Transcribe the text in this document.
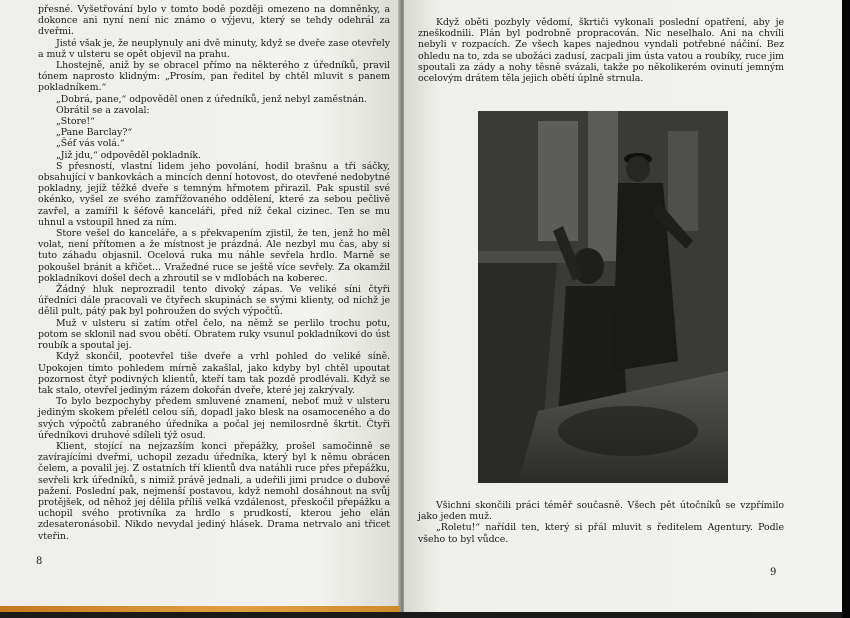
přesné. Vyšetřování bylo v tomto bodě později omezeno na domněnky, a dokonce ani nyní není nic známo o výjevu, který se tehdy odehrál za dveřmi.

Jisté však je, že neuplynuly ani dvě minuty, když se dveře zase otevřely a muž v ulsteru se opět objevil na prahu.

Lhostejně, aniž by se obracel přímo na některého z úředníků, pravil tónem naprosto klidným: „Prosím, pan ředitel by chtěl mluvit s panem pokladníkem.“

„Dobrá, pane,“ odpověděl onen z úředníků, jenž nebyl zaměstnán.

Obrátil se a zavolal:

„Store!“

„Pane Barclay?“

„Šéf vás volá.“

„Již jdu,“ odpověděl pokladník.

S přesností, vlastní lidem jeho povolání, hodil brašnu a tři sáčky, obsahující v bankovkách a mincích denní hotovost, do otevřené nedobytné pokladny, jejíž těžké dveře s temným hřmotem přirazil. Pak spustil své okénko, vyšel ze svého zamřížovaného oddělení, které za sebou pečlivě zavřel, a zamířil k šéfově kanceláři, před níž čekal cizinec. Ten se mu uhnul a vstoupil hned za ním.

Store vešel do kanceláře, a s překvapením zjistil, že ten, jenž ho měl volat, není přítomen a že místnost je prázdná. Ale nezbyl mu čas, aby si tuto záhadu objasnil. Ocelová ruka mu náhle sevřela hrdlo. Marně se pokoušel bránit a křičet... Vražedné ruce se ještě více sevřely. Za okamžil pokladníkovi došel dech a zhroutil se v mdlobách na koberec.

Žádný hluk neprozradil tento divoký zápas. Ve veliké síni čtyři úředníci dále pracovali ve čtyřech skupinách se svými klienty, od nichž je dělil pult, pátý pak byl pohroužen do svých výpočtů.

Muž v ulsteru si zatím otřel čelo, na němž se perlilo trochu potu, potom se sklonil nad svou obětí. Obratem ruky vsunul pokladníkovi do úst roubík a spoutal jej.

Když skončil, pootevřel tiše dveře a vrhl pohled do veliké síně. Upokojen tímto pohledem mírně zakašlal, jako kdyby byl chtěl upoutat pozornost čtyř podivných klientů, kteří tam tak pozdě prodlévali. Když se tak stalo, otevřel jediným rázem dokořán dveře, které jej zakrývaly.

To bylo bezpochyby předem smluvené znamení, neboť muž v ulsteru jediným skokem přelétl celou síň, dopadl jako blesk na osamoceného a do svých výpočtů zabraného úředníka a počal jej nemilosrdně škrtit. Čtyři úředníkovi druhové sdíleli týž osud.

Klient, stojící na nejzazším konci přepážky, prošel samočinně se zavírajícími dveřmi, uchopil zezadu úředníka, který byl k němu obrácen čelem, a povalil jej. Z ostatních tří klientů dva natáhli ruce přes přepážku, sevřeli krk úředníků, s nimiž právě jednali, a udeřili jimi prudce o dubové pažení. Poslední pak, nejmenší postavou, když nemohl dosáhnout na svůj protějšek, od něhož jej dělila příliš velká vzdálenost, přeskočil přepážku a uchopil svého protivníka za hrdlo s prudkostí, kterou jeho elán zdesateronásobil. Nikdo nevydal jediný hlásek. Drama netrvalo ani třicet vteřin.

Když oběti pozbyly vědomí, škrtiči vykonali poslední opatření, aby je zneškodnili. Plán byl podrobně propracován. Nic neselhalo. Ani na chvíli nebyli v rozpacích. Ze všech kapes najednou vyndali potřebné náčiní. Bez ohledu na to, zda se ubožáci zadusí, zacpali jim ústa vatou a roubíky, ruce jim spoutali za zády a nohy těsně svázali, takže po několikerém ovinutí jemným ocelovým drátem těla jejich obětí úplně strnula.

Všichni skončili práci téměř současně. Všech pět útočníků se vzpřímilo jako jeden muž.

„Roletu!“ nařídil ten, který si přál mluvit s ředitelem Agentury. Podle všeho to byl vůdce.

8
9
